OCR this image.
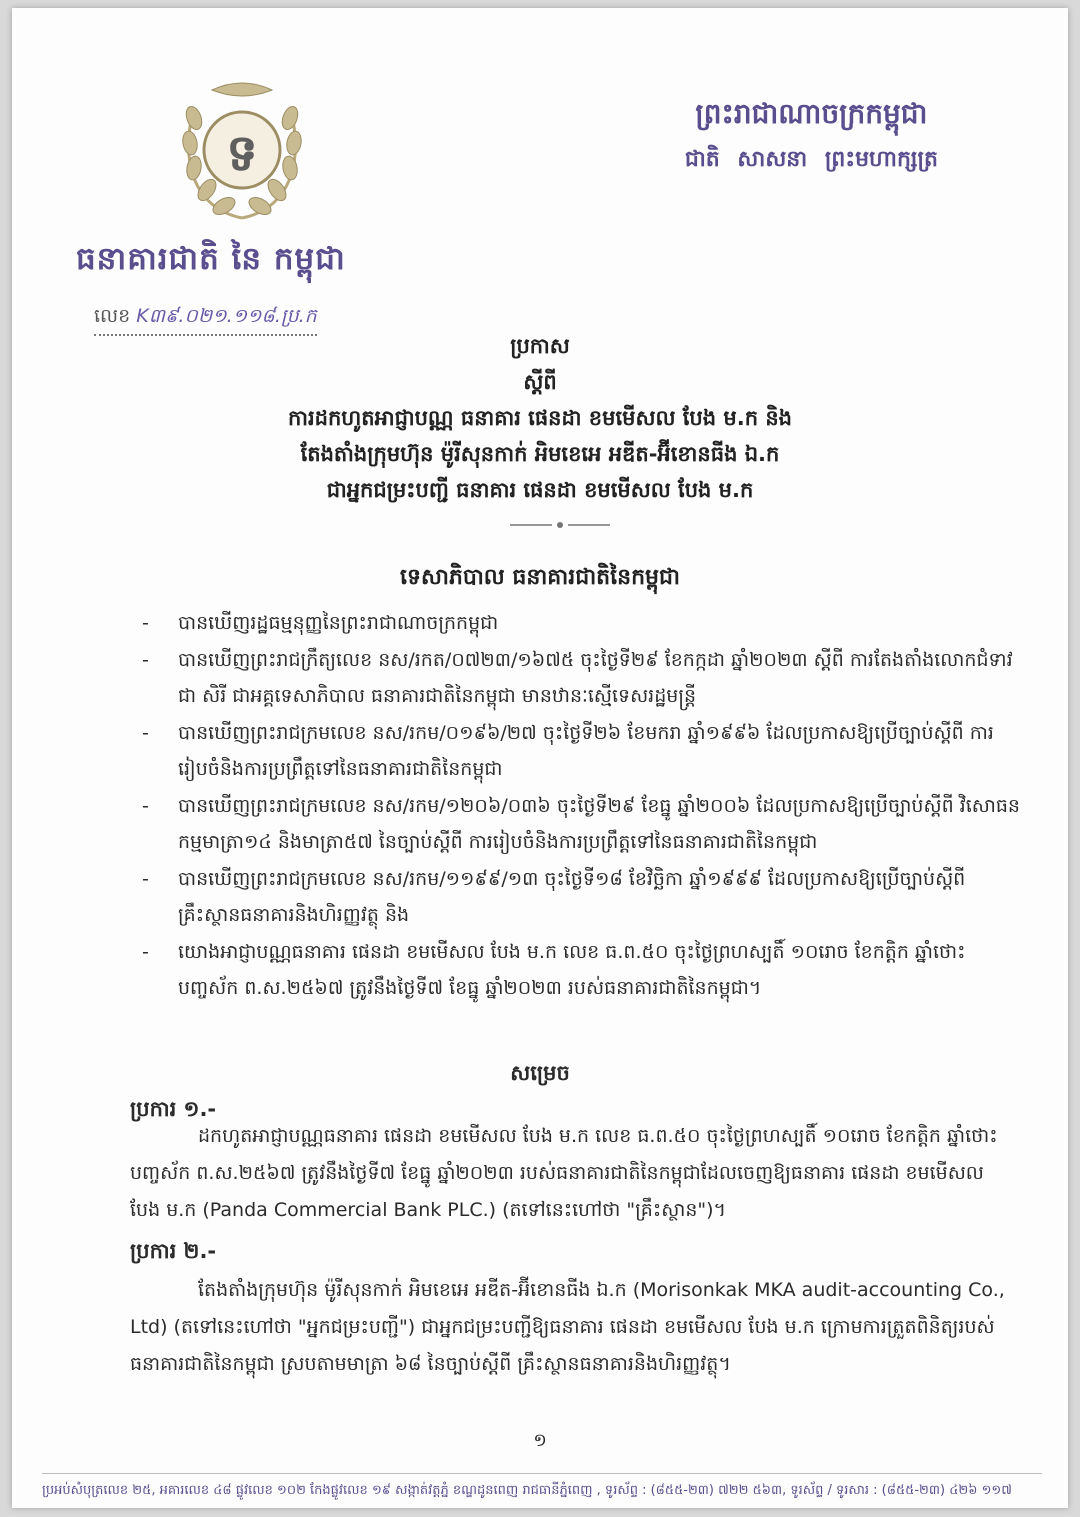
ទ
ធនាគារជាតិ នៃ កម្ពុជា
លេខ K៣៩.០២១.១១៨.ប្រ.ក
ព្រះរាជាណាចក្រកម្ពុជា
ជាតិ សាសនា ព្រះមហាក្សត្រ
ប្រកាស
ស្ដីពី
ការដកហូតអាជ្ញាបណ្ណ ធនាគារ ផេនដា ខមមើសល បែង ម.ក និង
តែងតាំងក្រុមហ៊ុន ម៉ូរីសុនកាក់ អិមខេអេ អឌីត-អ៊ីខោនធីង ឯ.ក
ជាអ្នកជម្រះបញ្ជី ធនាគារ ផេនដា ខមមើសល បែង ម.ក
ទេសាភិបាល ធនាគារជាតិនៃកម្ពុជា
- បានឃើញរដ្ឋធម្មនុញ្ញនៃព្រះរាជាណាចក្រកម្ពុជា
- បានឃើញព្រះរាជក្រឹត្យលេខ នស/រកត/០៧២៣/១៦៧៥ ចុះថ្ងៃទី២៩ ខែកក្កដា ឆ្នាំ២០២៣ ស្ដីពី ការតែងតាំងលោកជំទាវ ជា សិរី ជាអគ្គទេសាភិបាល ធនាគារជាតិនៃកម្ពុជា មានឋានៈស្មើទេសរដ្ឋមន្ត្រី
- បានឃើញព្រះរាជក្រមលេខ នស/រកម/០១៩៦/២៧ ចុះថ្ងៃទី២៦ ខែមករា ឆ្នាំ១៩៩៦ ដែលប្រកាសឱ្យប្រើច្បាប់ស្ដីពី ការរៀបចំនិងការប្រព្រឹត្តទៅនៃធនាគារជាតិនៃកម្ពុជា
- បានឃើញព្រះរាជក្រមលេខ នស/រកម/១២០៦/០៣៦ ចុះថ្ងៃទី២៩ ខែធ្នូ ឆ្នាំ២០០៦ ដែលប្រកាសឱ្យប្រើច្បាប់ស្ដីពី វិសោធនកម្មមាត្រា១៤ និងមាត្រា៥៧ នៃច្បាប់ស្ដីពី ការរៀបចំនិងការប្រព្រឹត្តទៅនៃធនាគារជាតិនៃកម្ពុជា
- បានឃើញព្រះរាជក្រមលេខ នស/រកម/១១៩៩/១៣ ចុះថ្ងៃទី១៨ ខែវិច្ឆិកា ឆ្នាំ១៩៩៩ ដែលប្រកាសឱ្យប្រើច្បាប់ស្ដីពី គ្រឹះស្ថានធនាគារនិងហិរញ្ញវត្ថុ និង
- យោងអាជ្ញាបណ្ណធនាគារ ផេនដា ខមមើសល បែង ម.ក លេខ ធ.ព.៥០ ចុះថ្ងៃព្រហស្បតិ៍ ១០រោច ខែកត្ដិក ឆ្នាំថោះ បញ្ចស័ក ព.ស.២៥៦៧ ត្រូវនឹងថ្ងៃទី៧ ខែធ្នូ ឆ្នាំ២០២៣ របស់ធនាគារជាតិនៃកម្ពុជា។
សម្រេច
ប្រការ ១.-
ដកហូតអាជ្ញាបណ្ណធនាគារ ផេនដា ខមមើសល បែង ម.ក លេខ ធ.ព.៥០ ចុះថ្ងៃព្រហស្បតិ៍ ១០រោច ខែកត្ដិក ឆ្នាំថោះ បញ្ចស័ក ព.ស.២៥៦៧ ត្រូវនឹងថ្ងៃទី៧ ខែធ្នូ ឆ្នាំ២០២៣ របស់ធនាគារជាតិនៃកម្ពុជាដែលចេញឱ្យធនាគារ ផេនដា ខមមើសល បែង ម.ក (Panda Commercial Bank PLC.) (តទៅនេះហៅថា "គ្រឹះស្ថាន")។
ប្រការ ២.-
តែងតាំងក្រុមហ៊ុន ម៉ូរីសុនកាក់ អិមខេអេ អឌីត-អ៊ីខោនធីង ឯ.ក (Morisonkak MKA audit-accounting Co., Ltd) (តទៅនេះហៅថា "អ្នកជម្រះបញ្ជី") ជាអ្នកជម្រះបញ្ជីឱ្យធនាគារ ផេនដា ខមមើសល បែង ម.ក ក្រោមការត្រួតពិនិត្យរបស់ធនាគារជាតិនៃកម្ពុជា ស្របតាមមាត្រា ៦៨ នៃច្បាប់ស្ដីពី គ្រឹះស្ថានធនាគារនិងហិរញ្ញវត្ថុ។
១
ប្រអប់សំបុត្រលេខ ២៥, អគារលេខ ៤៨ ផ្លូវលេខ ១០២ កែងផ្លូវលេខ ១៩ សង្កាត់វត្តភ្នំ ខណ្ឌដូនពេញ រាជធានីភ្នំពេញ , ទូរស័ព្ទ : (៨៥៥-២៣) ៧២២ ៥៦៣, ទូរស័ព្ទ / ទូរសារ : (៨៥៥-២៣) ៤២៦ ១១៧
